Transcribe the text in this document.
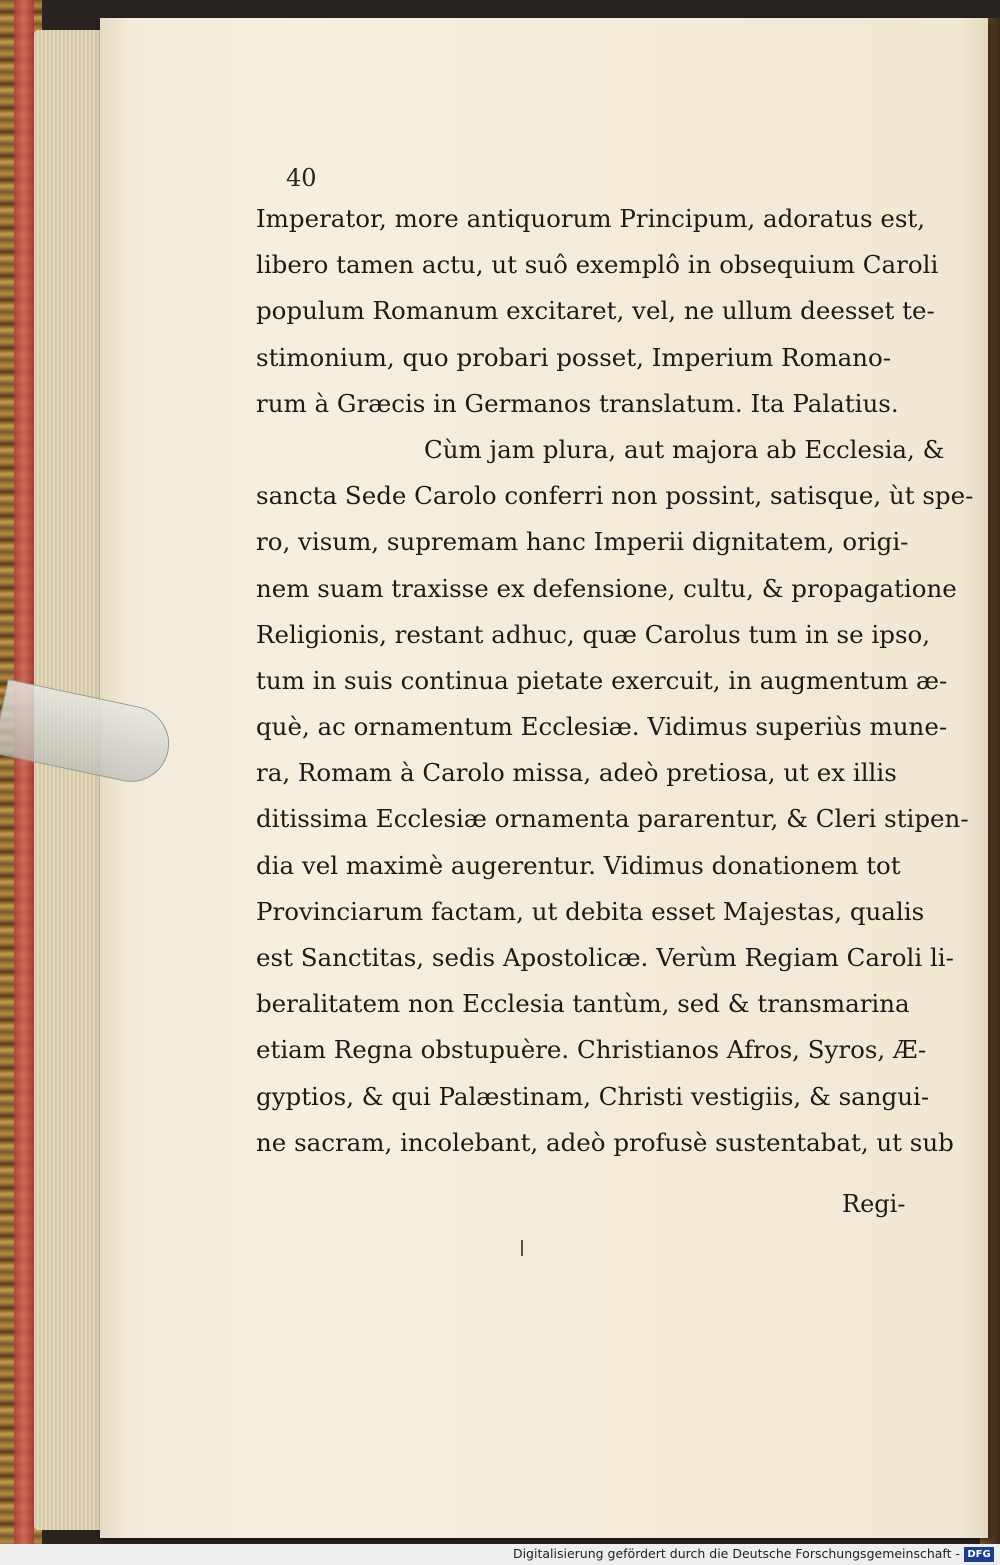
40
Imperator, more antiquorum Principum, adoratus est,
libero tamen actu, ut suô exemplô in obsequium Caroli
populum Romanum excitaret, vel, ne ullum deesset te-
stimonium, quo probari posset, Imperium Romano-
rum à Græcis in Germanos translatum. Ita Palatius.
Cùm jam plura, aut majora ab Ecclesia, &
sancta Sede Carolo conferri non possint, satisque, ùt spe-
ro, visum, supremam hanc Imperii dignitatem, origi-
nem suam traxisse ex defensione, cultu, & propagatione
Religionis, restant adhuc, quæ Carolus tum in se ipso,
tum in suis continua pietate exercuit, in augmentum æ-
què, ac ornamentum Ecclesiæ. Vidimus superiùs mune-
ra, Romam à Carolo missa, adeò pretiosa, ut ex illis
ditissima Ecclesiæ ornamenta pararentur, & Cleri stipen-
dia vel maximè augerentur. Vidimus donationem tot
Provinciarum factam, ut debita esset Majestas, qualis
est Sanctitas, sedis Apostolicæ. Verùm Regiam Caroli li-
beralitatem non Ecclesia tantùm, sed & transmarina
etiam Regna obstupuère. Christianos Afros, Syros, Æ-
gyptios, & qui Palæstinam, Christi vestigiis, & sangui-
ne sacram, incolebant, adeò profusè sustentabat, ut sub
Regi-
Digitalisierung gefördert durch die Deutsche Forschungsgemeinschaft - DFG
